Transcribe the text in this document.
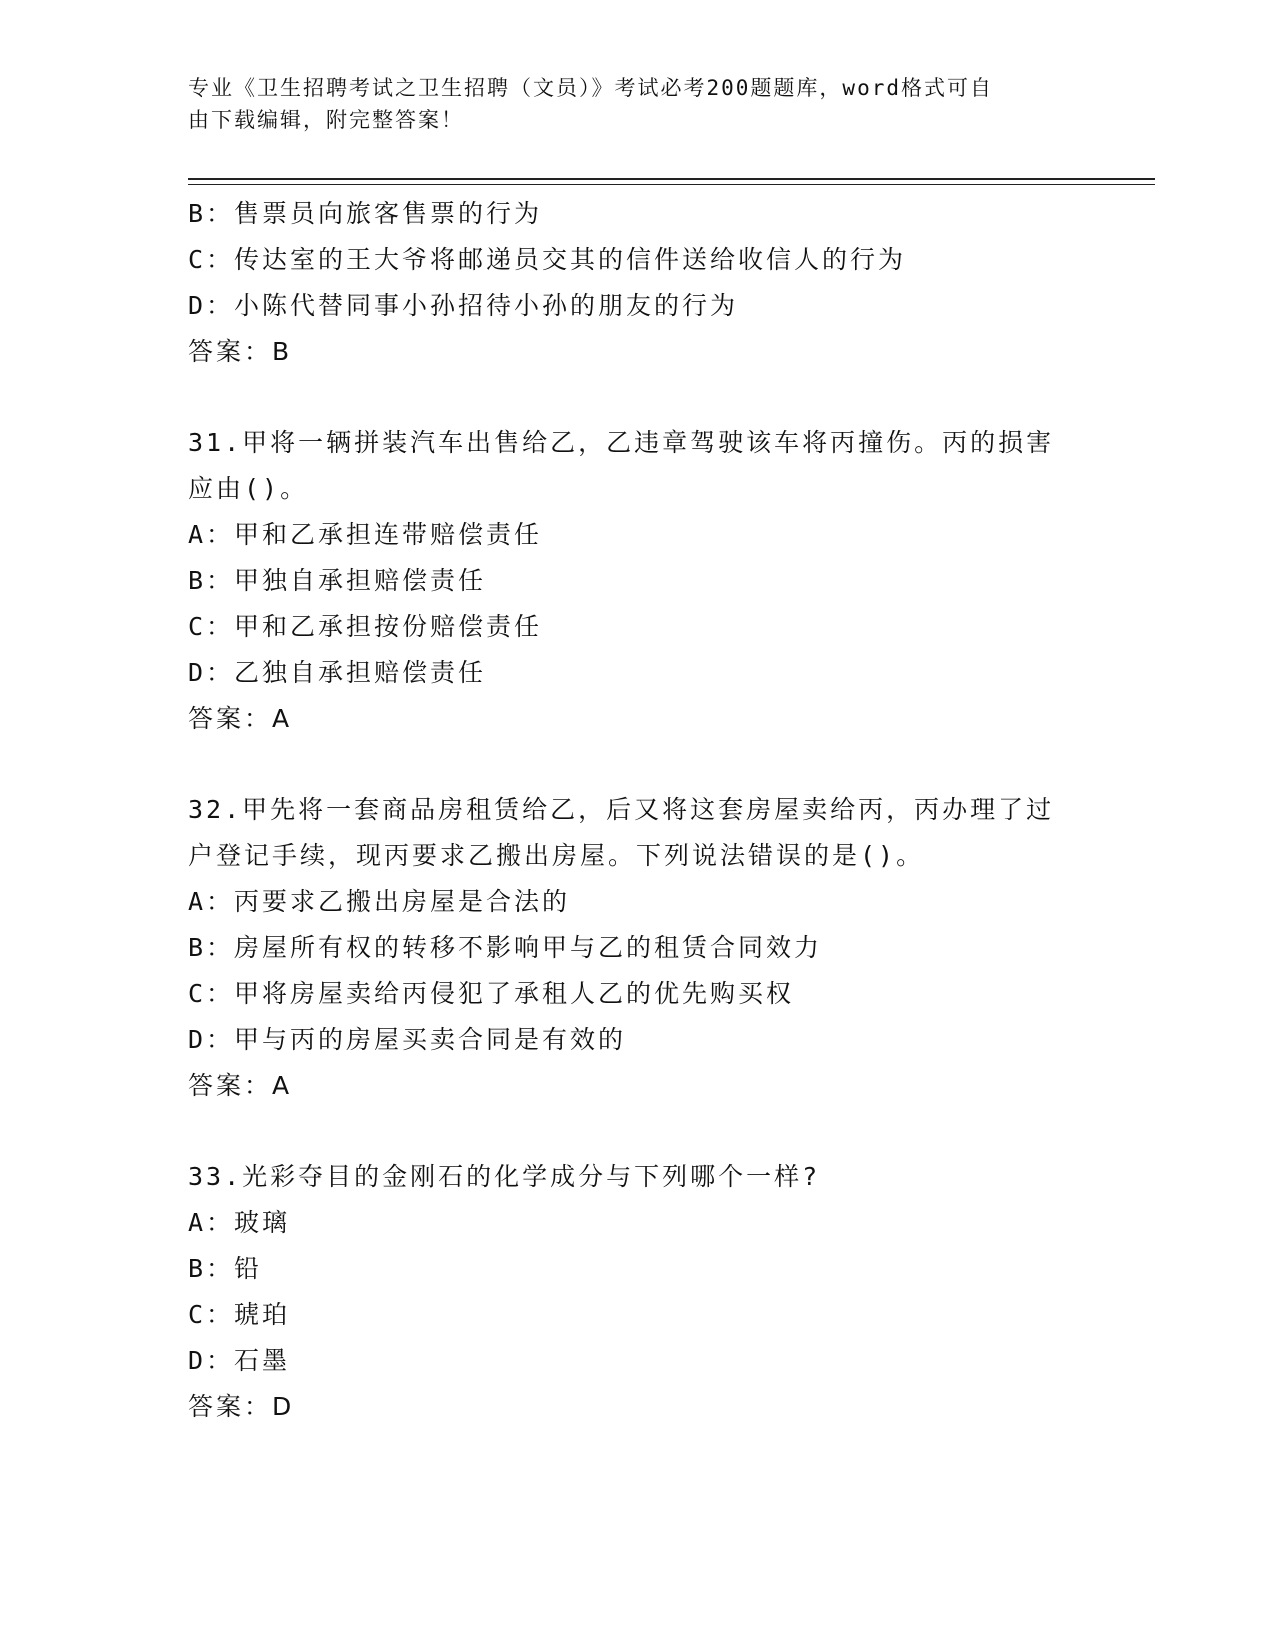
专业《卫生招聘考试之卫生招聘（文员）》考试必考200题题库，word格式可自
由下载编辑，附完整答案！
B：售票员向旅客售票的行为
C：传达室的王大爷将邮递员交其的信件送给收信人的行为
D：小陈代替同事小孙招待小孙的朋友的行为
答案：B
31.甲将一辆拼装汽车出售给乙，乙违章驾驶该车将丙撞伤。丙的损害
应由()。
A：甲和乙承担连带赔偿责任
B：甲独自承担赔偿责任
C：甲和乙承担按份赔偿责任
D：乙独自承担赔偿责任
答案：A
32.甲先将一套商品房租赁给乙，后又将这套房屋卖给丙，丙办理了过
户登记手续，现丙要求乙搬出房屋。下列说法错误的是()。
A：丙要求乙搬出房屋是合法的
B：房屋所有权的转移不影响甲与乙的租赁合同效力
C：甲将房屋卖给丙侵犯了承租人乙的优先购买权
D：甲与丙的房屋买卖合同是有效的
答案：A
33.光彩夺目的金刚石的化学成分与下列哪个一样?
A：玻璃
B：铅
C：琥珀
D：石墨
答案：D
